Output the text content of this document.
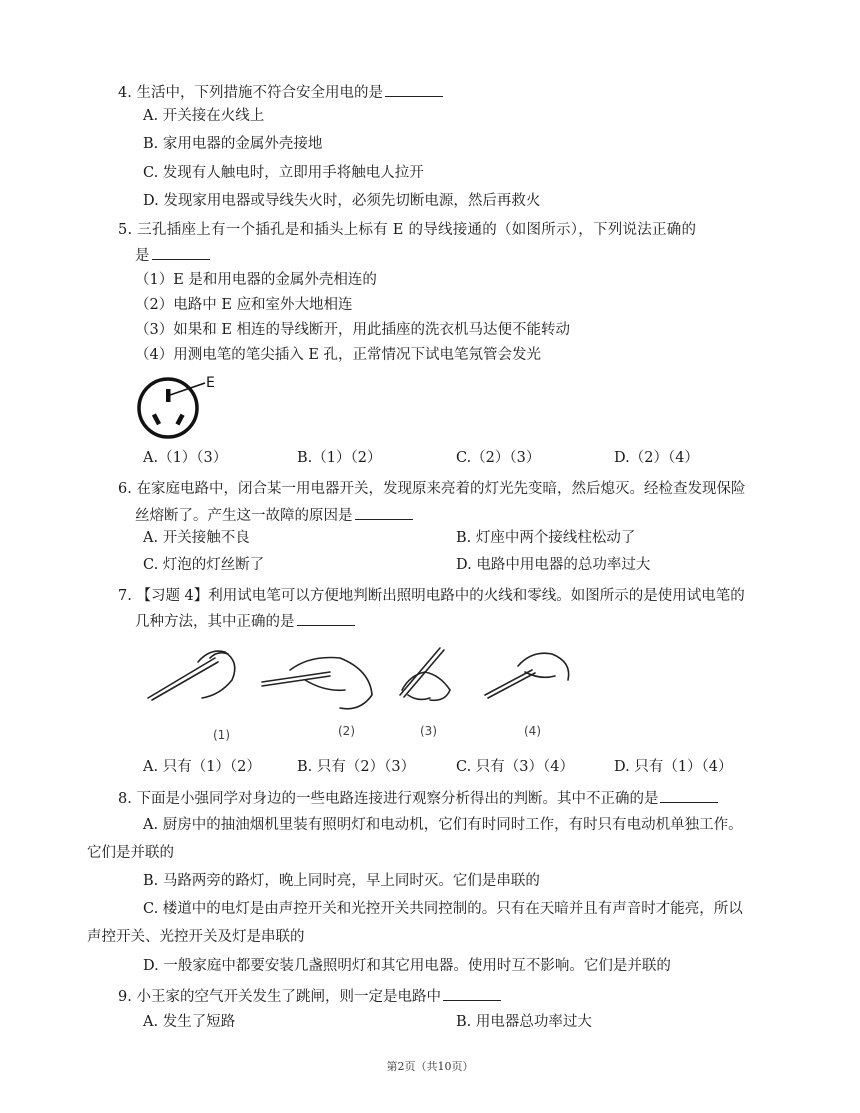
4. 生活中，下列措施不符合安全用电的是
A. 开关接在火线上
B. 家用电器的金属外壳接地
C. 发现有人触电时，立即用手将触电人拉开
D. 发现家用电器或导线失火时，必须先切断电源，然后再救火
5. 三孔插座上有一个插孔是和插头上标有 E 的导线接通的（如图所示），下列说法正确的
是
（1）E 是和用电器的金属外壳相连的
（2）电路中 E 应和室外大地相连
（3）如果和 E 相连的导线断开，用此插座的洗衣机马达便不能转动
（4）用测电笔的笔尖插入 E 孔，正常情况下试电笔氖管会发光
E
A.（1）（3）	B.（1）（2）	C.（2）（3）	D.（2）（4）
6. 在家庭电路中，闭合某一用电器开关，发现原来亮着的灯光先变暗，然后熄灭。经检查发现保险
丝熔断了。产生这一故障的原因是
A. 开关接触不良	B. 灯座中两个接线柱松动了
C. 灯泡的灯丝断了	D. 电路中用电器的总功率过大
7. 【习题 4】利用试电笔可以方便地判断出照明电路中的火线和零线。如图所示的是使用试电笔的
几种方法，其中正确的是
(1)	(2)	(3)	(4)
A. 只有（1）（2） B. 只有（2）（3）	C. 只有（3）（4）	D. 只有（1）（4）
8. 下面是小强同学对身边的一些电路连接进行观察分析得出的判断。其中不正确的是
A. 厨房中的抽油烟机里装有照明灯和电动机，它们有时同时工作，有时只有电动机单独工作。
它们是并联的
B. 马路两旁的路灯，晚上同时亮，早上同时灭。它们是串联的
C. 楼道中的电灯是由声控开关和光控开关共同控制的。只有在天暗并且有声音时才能亮，所以
声控开关、光控开关及灯是串联的
D. 一般家庭中都要安装几盏照明灯和其它用电器。使用时互不影响。它们是并联的
9. 小王家的空气开关发生了跳闸，则一定是电路中
A. 发生了短路	B. 用电器总功率过大
第2页（共10页）
